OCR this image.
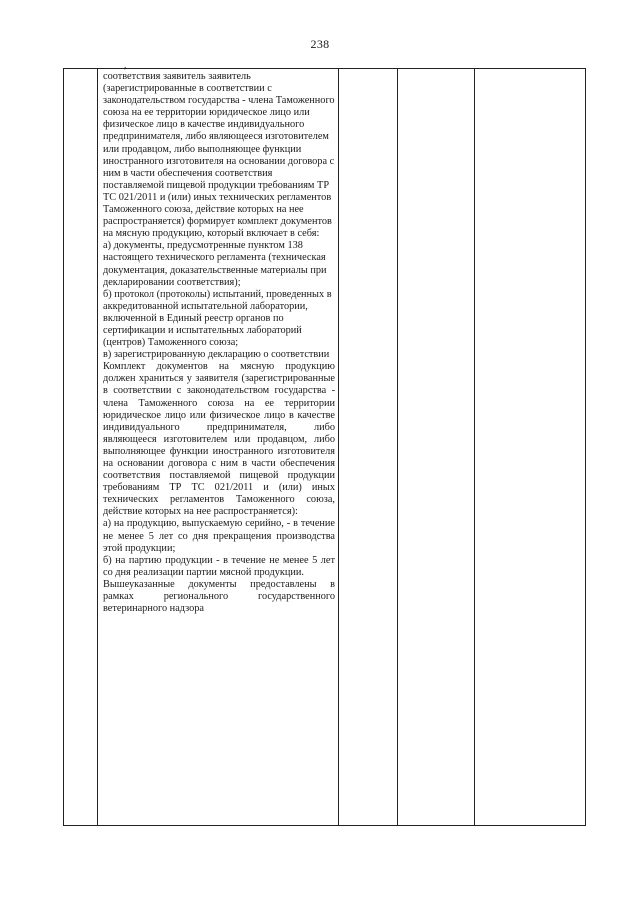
238
,

соответствия заявитель заявитель (зарегистрированные в соответствии с законодательством государства - члена Таможенного союза на ее территории юридическое лицо или физическое лицо в качестве индивидуального предпринимателя, либо являющееся изготовителем или продавцом, либо выполняющее функции иностранного изготовителя на основании договора с ним в части обеспечения соответствия поставляемой пищевой продукции требованиям ТР ТС 021/2011 и (или) иных технических регламентов Таможенного союза, действие которых на нее распространяется) формирует комплект документов на мясную продукцию, который включает в себя:
а) документы, предусмотренные пунктом 138 настоящего технического регламента (техническая документация, доказательственные материалы при декларировании соответствия);
б) протокол (протоколы) испытаний, проведенных в аккредитованной испытательной лаборатории, включенной в Единый реестр органов по сертификации и испытательных лабораторий (центров) Таможенного союза;
в) зарегистрированную декларацию о соответствии
Комплект документов на мясную продукцию должен храниться у заявителя (зарегистрированные в соответствии с законодательством государства - члена Таможенного союза на ее территории юридическое лицо или физическое лицо в качестве индивидуального предпринимателя, либо являющееся изготовителем или продавцом, либо выполняющее функции иностранного изготовителя на основании договора с ним в части обеспечения соответствия поставляемой пищевой продукции требованиям ТР ТС 021/2011 и (или) иных технических регламентов Таможенного союза, действие которых на нее распространяется):
а) на продукцию, выпускаемую серийно, - в течение не менее 5 лет со дня прекращения производства этой продукции;
б) на партию продукции - в течение не менее 5 лет со дня реализации партии мясной продукции.
Вышеуказанные документы предоставлены в рамках регионального государственного ветеринарного надзора
